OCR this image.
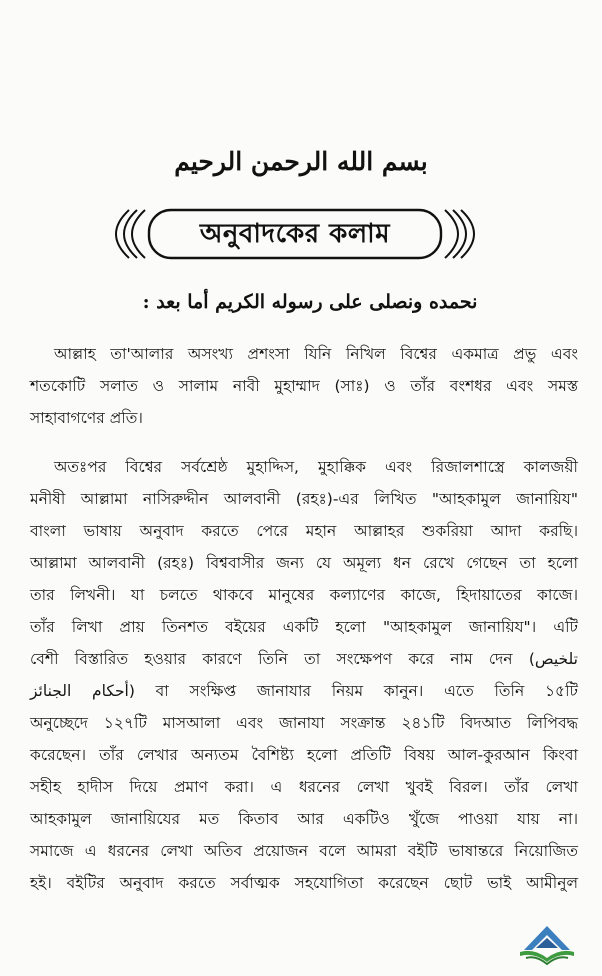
بسم الله الرحمن الرحيم
অনুবাদকের কলাম
نحمده ونصلى على رسوله الكريم أما بعد :
আল্লাহ তা'আলার অসংখ্য প্রশংসা যিনি নিখিল বিশ্বের একমাত্র প্রভু এবং
শতকোটি সলাত ও সালাম নাবী মুহাম্মাদ (সাঃ) ও তাঁর বংশধর এবং সমস্ত
সাহাবাগণের প্রতি।
অতঃপর বিশ্বের সর্বশ্রেষ্ঠ মুহাদ্দিস, মুহাক্কিক এবং রিজালশাস্ত্রে কালজয়ী
মনীষী আল্লামা নাসিরুদ্দীন আলবানী (রহঃ)-এর লিখিত "আহকামুল জানায়িয"
বাংলা ভাষায় অনুবাদ করতে পেরে মহান আল্লাহর শুকরিয়া আদা করছি।
আল্লামা আলবানী (রহঃ) বিশ্ববাসীর জন্য যে অমূল্য ধন রেখে গেছেন তা হলো
তার লিখনী। যা চলতে থাকবে মানুষের কল্যাণের কাজে, হিদায়াতের কাজে।
তাঁর লিখা প্রায় তিনশত বইয়ের একটি হলো "আহকামুল জানায়িয"। এটি
বেশী বিস্তারিত হওয়ার কারণে তিনি তা সংক্ষেপণ করে নাম দেন (تلخيص
أحكام الجنائز) বা সংক্ষিপ্ত জানাযার নিয়ম কানুন। এতে তিনি ১৫টি
অনুচ্ছেদে ১২৭টি মাসআলা এবং জানাযা সংক্রান্ত ২৪১টি বিদআত লিপিবদ্ধ
করেছেন। তাঁর লেখার অন্যতম বৈশিষ্ট্য হলো প্রতিটি বিষয় আল-কুরআন কিংবা
সহীহ হাদীস দিয়ে প্রমাণ করা। এ ধরনের লেখা খুবই বিরল। তাঁর লেখা
আহকামুল জানায়িযের মত কিতাব আর একটিও খুঁজে পাওয়া যায় না।
সমাজে এ ধরনের লেখা অতিব প্রয়োজন বলে আমরা বইটি ভাষান্তরে নিয়োজিত
হই। বইটির অনুবাদ করতে সর্বাত্মক সহযোগিতা করেছেন ছোট ভাই আমীনুল
